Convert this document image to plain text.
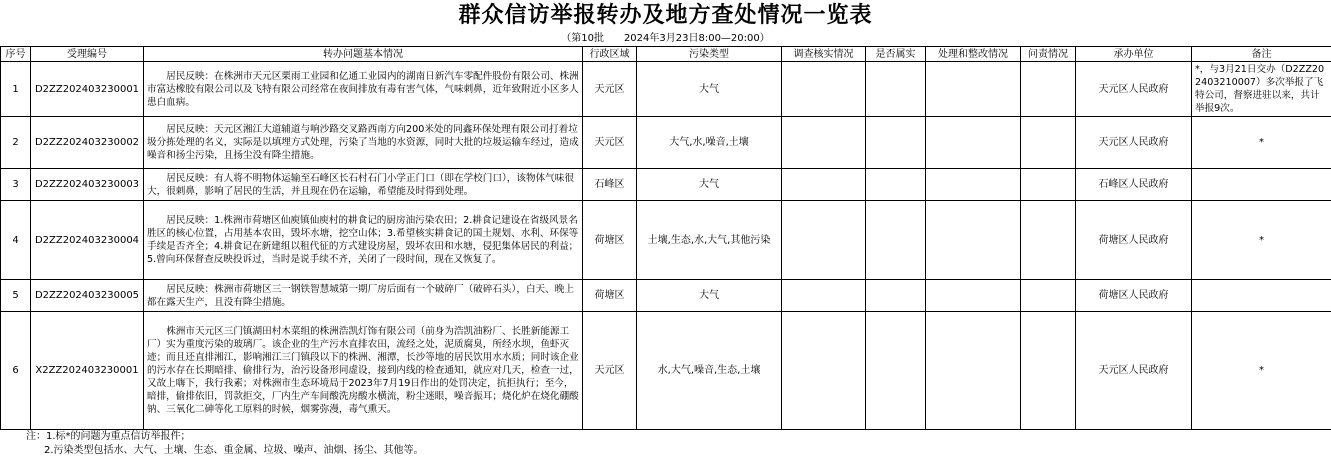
群众信访举报转办及地方查处情况一览表
（第10批　　2024年3月23日8:00—20:00）
序号	受理编号	转办问题基本情况	行政区域	污染类型	调查核实情况	是否属实	处理和整改情况	问责情况	承办单位	备注
1	D2ZZ202403230001	居民反映：在株洲市天元区栗雨工业园和亿通工业园内的湖南日新汽车零配件股份有限公司、株洲市富达橡胶有限公司以及飞特有限公司经常在夜间排放有毒有害气体，气味刺鼻，近年致附近小区多人患白血病。	天元区	大气					天元区人民政府	*，与3月21日交办（D2ZZ202403210007）多次举报了飞特公司，督察进驻以来，共计举报9次。
2	D2ZZ202403230002	居民反映：天元区湘江大道辅道与响沙路交叉路西南方向200米处的同鑫环保处理有限公司打着垃圾分拣处理的名义，实际是以填埋方式处理，污染了当地的水资源，同时大批的垃圾运输车经过，造成噪音和扬尘污染，且扬尘没有降尘措施。	天元区	大气,水,噪音,土壤					天元区人民政府	*
3	D2ZZ202403230003	居民反映：有人将不明物体运输至石峰区长石村石门小学正门口（即在学校门口），该物体气味很大，很刺鼻，影响了居民的生活，并且现在仍在运输，希望能及时得到处理。	石峰区	大气					石峰区人民政府	
4	D2ZZ202403230004	居民反映：1.株洲市荷塘区仙庾镇仙庾村的耕食记的厨房油污染农田；2.耕食记建设在省级风景名胜区的核心位置，占用基本农田，毁坏水塘，挖空山体；3.希望核实耕食记的国土规划、水利、环保等手续是否齐全；4.耕食记在新建组以租代征的方式建设房屋，毁坏农田和水塘，侵犯集体居民的利益；5.曾向环保督查反映投诉过，当时是说手续不齐，关闭了一段时间，现在又恢复了。	荷塘区	土壤,生态,水,大气,其他污染					荷塘区人民政府	*
5	D2ZZ202403230005	居民反映：株洲市荷塘区三一钢铁智慧城第一期厂房后面有一个破碎厂（破碎石头），白天、晚上都在露天生产，且没有降尘措施。	荷塘区	大气					荷塘区人民政府	
6	X2ZZ202403230001	株洲市天元区三门镇湖田村木菜组的株洲浩凯灯饰有限公司（前身为浩凯油粉厂、长胜新能源工厂）实为重度污染的玻璃厂。该企业的生产污水直排农田，流经之处，泥质腐臭，所经水坝，鱼虾灭迹；而且还直排湘江，影响湘江三门镇段以下的株洲、湘潭，长沙等地的居民饮用水水质；同时该企业的污水存在长期暗排、偷排行为，治污设备形同虚设，接到内线的检查通知，就应对几天，检查一过，又故上嗨下，我行我素；对株洲市生态环境局于2023年7月19日作出的处罚决定，抗拒执行；至今，暗排，偷排依旧，罚款拒交，厂内生产车间酸洗房酸水横流，粉尘迷眼，噪音振耳；烧化炉在烧化硼酸钠、三氧化二砷等化工原料的时候，烟雾弥漫，毒气熏天。	天元区	水,大气,噪音,生态,土壤					天元区人民政府	*
注：1.标*的问题为重点信访举报件；
2.污染类型包括水、大气、土壤、生态、重金属、垃圾、噪声、油烟、扬尘、其他等。
